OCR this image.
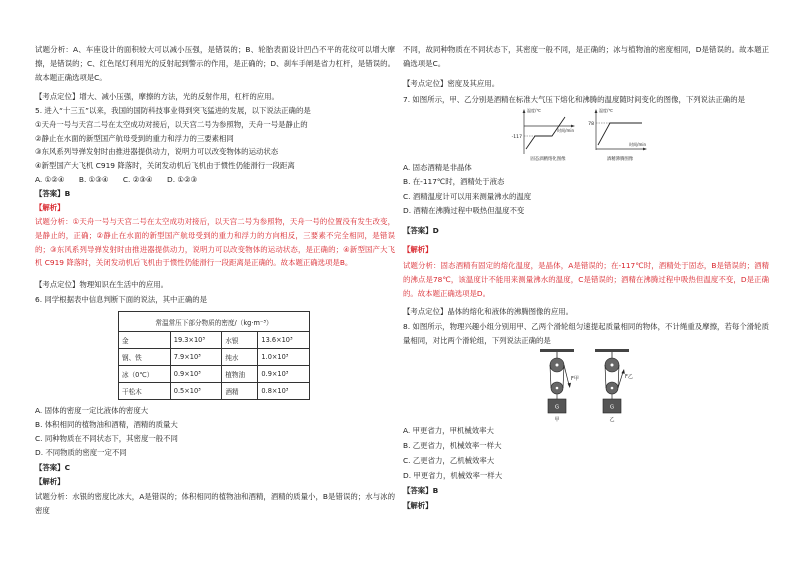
试题分析：A、车座设计的面积较大可以减小压强，是错误的；B、轮胎表面设计凹凸不平的花纹可以增大摩擦，是错误的；C、红色尾灯利用光的反射起到警示的作用，是正确的；D、刹车手闸是省力杠杆，是错误的。故本题正确选项是C。
【考点定位】增大、减小压强，摩擦的方法，光的反射作用，杠杆的应用。
5. 进入“十三五”以来，我国的国防科技事业得到突飞猛进的发展，以下说法正确的是
①天舟一号与天宫二号在太空成功对接后，以天宫二号为参照物，天舟一号是静止的
②静止在水面的新型国产航母受到的重力和浮力的三要素相同
③东风系列导弹发射时由推进器提供动力，说明力可以改变物体的运动状态
④新型国产大飞机 C919 降落时，关闭发动机后飞机由于惯性仍能滑行一段距离
A. ①②④ B. ①③④ C. ②③④ D. ①②③
【答案】B
【解析】
试题分析：①天舟一号与天宫二号在太空成功对接后，以天宫二号为参照物，天舟一号的位置没有发生改变，是静止的，正确；②静止在水面的新型国产航母受到的重力和浮力的方向相反，三要素不完全相同，是错误的；③东风系列导弹发射时由推进器提供动力，说明力可以改变物体的运动状态，是正确的；④新型国产大飞机 C919 降落时，关闭发动机后飞机由于惯性仍能滑行一段距离是正确的。故本题正确选项是B。
【考点定位】物理知识在生活中的应用。
6. 同学根据表中信息判断下面的说法，其中正确的是
常温常压下部分物质的密度/（kg·m⁻³）			
金	19.3×10³	水银	13.6×10³
钢、铁	7.9×10³	纯水	1.0×10³
冰（0℃）	0.9×10³	植物油	0.9×10³
干松木	0.5×10³	酒精	0.8×10³
A. 固体的密度一定比液体的密度大
B. 体积相同的植物油和酒精，酒精的质量大
C. 同种物质在不同状态下，其密度一般不同
D. 不同物质的密度一定不同
【答案】C
【解析】
试题分析：水银的密度比冰大，A是错误的；体积相同的植物油和酒精，酒精的质量小，B是错误的；水与冰的密度
不同，故同种物质在不同状态下，其密度一般不同，是正确的；冰与植物油的密度相同，D是错误的。故本题正确选项是C。
【考点定位】密度及其应用。
7. 如图所示，甲、乙分别是酒精在标准大气压下熔化和沸腾的温度随时间变化的图像，下列说法正确的是
-117
温度/℃
时间/min
固态酒精熔化图像
78
温度/℃
时间/min
酒精沸腾图像
A. 固态酒精是非晶体
B. 在-117℃时，酒精处于液态
C. 酒精温度计可以用来测量沸水的温度
D. 酒精在沸腾过程中吸热但温度不变
【答案】D
【解析】
试题分析：固态酒精有固定的熔化温度，是晶体，A是错误的；在-117℃时，酒精处于固态，B是错误的；酒精的沸点是78℃，该温度计不能用来测量沸水的温度，C是错误的；酒精在沸腾过程中吸热但温度不变，D是正确的。故本题正确选项是D。
【考点定位】晶体的熔化和液体的沸腾图像的应用。
8. 如图所示，物理兴趣小组分别用甲、乙两个滑轮组匀速提起质量相同的物体，不计绳重及摩擦，若每个滑轮质量相同，对比两个滑轮组，下列说法正确的是
F甲
G
甲
F乙
G
乙
A. 甲更省力，甲机械效率大
B. 乙更省力，机械效率一样大
C. 乙更省力，乙机械效率大
D. 甲更省力，机械效率一样大
【答案】B
【解析】
